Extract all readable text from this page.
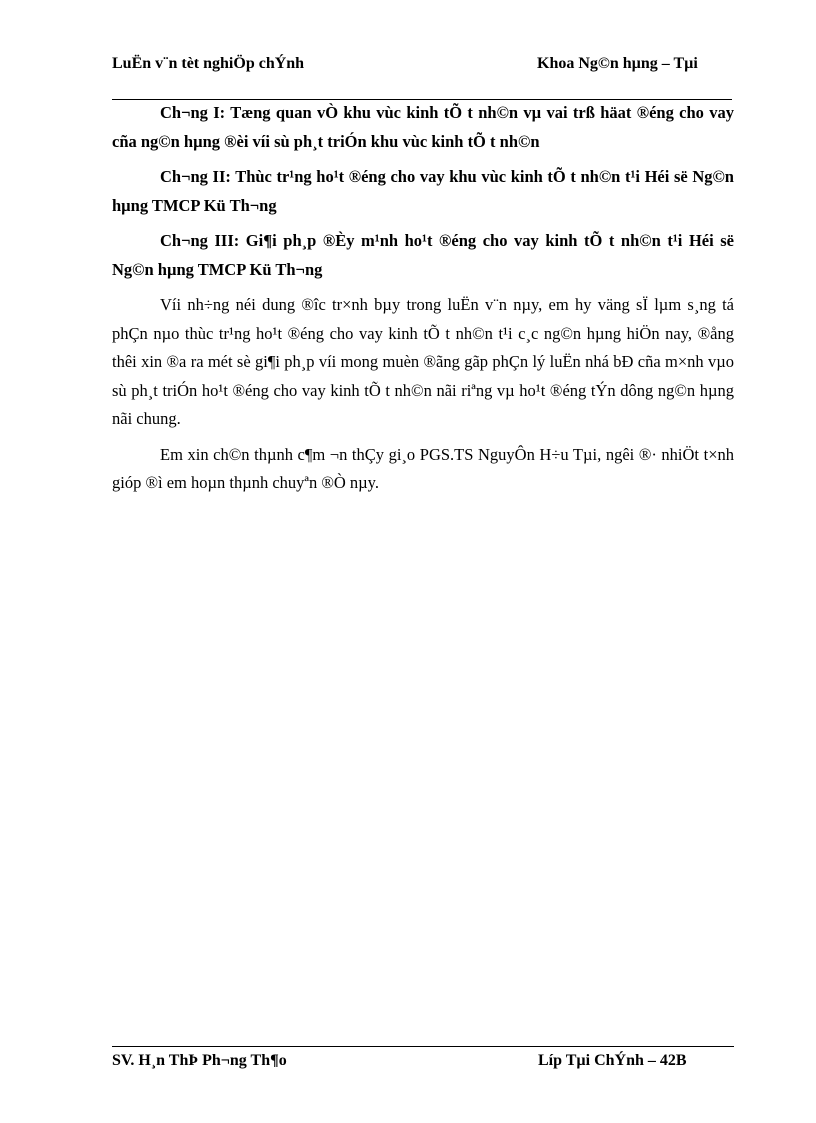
LuËn v¨n tèt nghiÖp chÝnh	Khoa Ng©n hµng – Tµi

Ch¬ng I: Tæng quan vÒ khu vùc kinh tÕ t nh©n vµ vai trß häat ®éng cho vay cña ng©n hµng ®èi víi sù ph¸t triÓn khu vùc kinh tÕ t nh©n

Ch¬ng II: Thùc tr¹ng ho¹t ®éng cho vay khu vùc kinh tÕ t nh©n t¹i Héi së Ng©n hµng TMCP Kü Th¬ng

Ch¬ng III: Gi¶i ph¸p ®Èy m¹nh ho¹t ®éng cho vay kinh tÕ t nh©n t¹i Héi së Ng©n hµng TMCP Kü Th¬ng

Víi nh÷ng néi dung ®îc tr×nh bµy trong luËn v¨n nµy, em hy väng sÏ lµm s¸ng tá phÇn nµo thùc tr¹ng ho¹t ®éng cho vay kinh tÕ t nh©n t¹i c¸c ng©n hµng hiÖn nay, ®ång thêi xin ®a ra mét sè gi¶i ph¸p víi mong muèn ®ãng gãp phÇn lý luËn nhá bÐ cña m×nh vµo sù ph¸t triÓn ho¹t ®éng cho vay kinh tÕ t nh©n nãi riªng vµ ho¹t ®éng tÝn dông ng©n hµng nãi chung.

Em xin ch©n thµnh c¶m ¬n thÇy gi¸o PGS.TS NguyÔn H÷u Tµi, ngêi ®· nhiÖt t×nh gióp ®ì em hoµn thµnh chuyªn ®Ò nµy.

SV. H¸n ThÞ Ph¬ng Th¶o	Líp Tµi ChÝnh – 42B
